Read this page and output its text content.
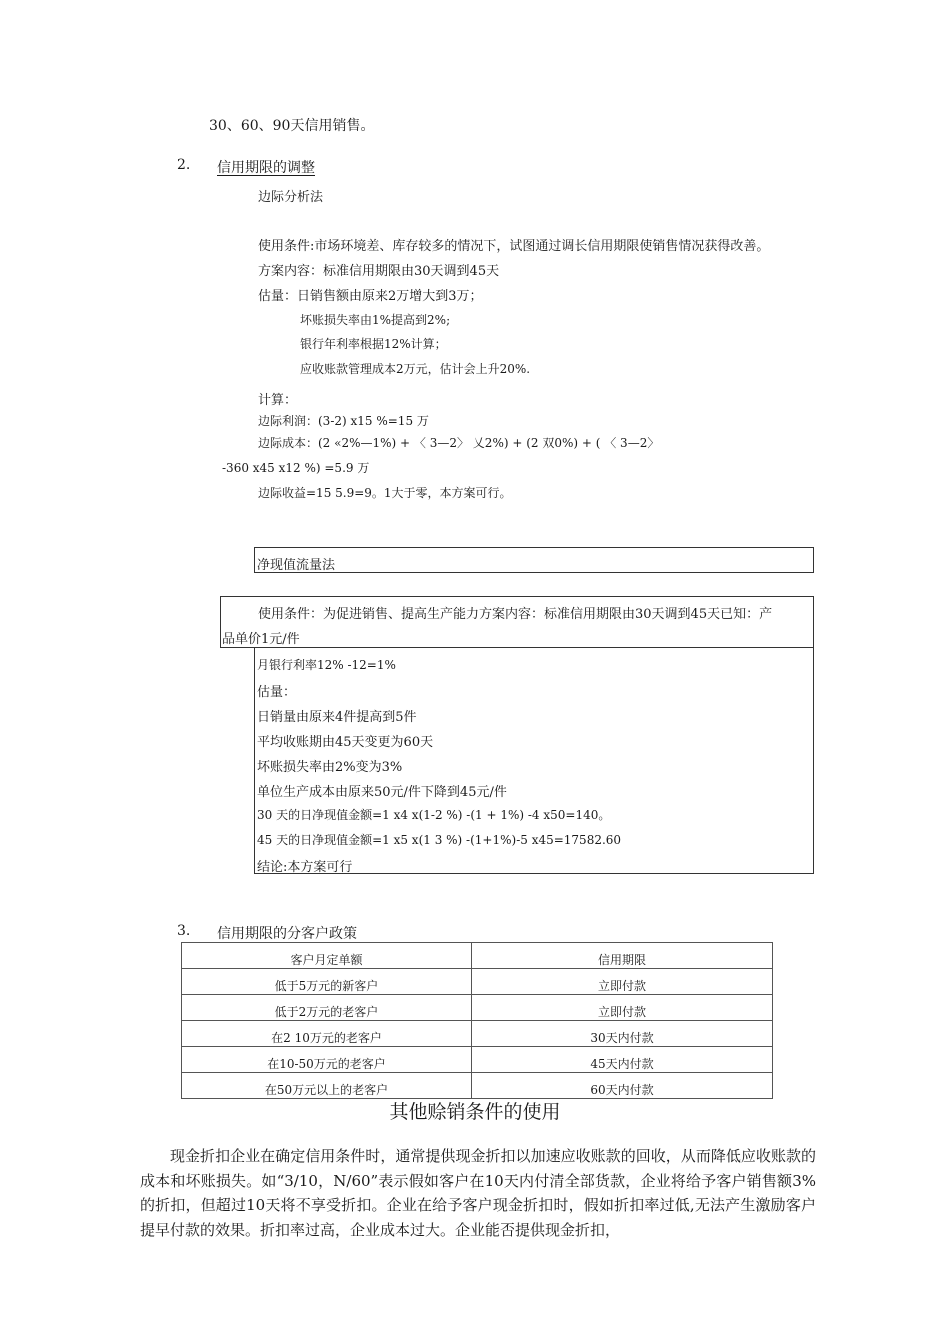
30、60、90天信用销售。
2. 信用期限的调整
边际分析法
使用条件:市场环境差、库存较多的情况下，试图通过调长信用期限使销售情况获得改善。
方案内容：标准信用期限由30天调到45天
估量：日销售额由原来2万增大到3万；
坏账损失率由1%提高到2%;
银行年利率根据12%计算；
应收账款管理成本2万元，估计会上升20%.
计算：
边际利润：(3-2) x15 %=15 万
边际成本：(2 «2%—1%) + 〈 3—2〉 乂2%) + (2 双0%) + ( 〈 3—2〉
-360 x45 x12 %) =5.9 万
边际收益=15 5.9=9。1大于零，本方案可行。
净现值流量法
使用条件：为促进销售、提高生产能力方案内容：标准信用期限由30天调到45天已知：产
品单价1元/件
月银行利率12% -12=1%
估量：
日销量由原来4件提高到5件
平均收账期由45天变更为60天
坏账损失率由2%变为3%
单位生产成本由原来50元/件下降到45元/件
30 天的日净现值金额=1 x4 x(1-2 %) -(1 + 1%) -4 x50=140。
45 天的日净现值金额=1 x5 x(1 3 %) -(1+1%)-5 x45=17582.60
结论:本方案可行
3. 信用期限的分客户政策
客户月定单额	信用期限
低于5万元的新客户	立即付款
低于2万元的老客户	立即付款
在2 10万元的老客户	30天内付款
在10-50万元的老客户	45天内付款
在50万元以上的老客户	60天内付款
其他赊销条件的使用
现金折扣企业在确定信用条件时，通常提供现金折扣以加速应收账款的回收，从而降低应收账款的成本和坏账损失。如“3/10，N/60”表示假如客户在10天内付清全部货款，企业将给予客户销售额3%的折扣，但超过10天将不享受折扣。企业在给予客户现金折扣时，假如折扣率过低,无法产生激励客户提早付款的效果。折扣率过高，企业成本过大。企业能否提供现金折扣，
